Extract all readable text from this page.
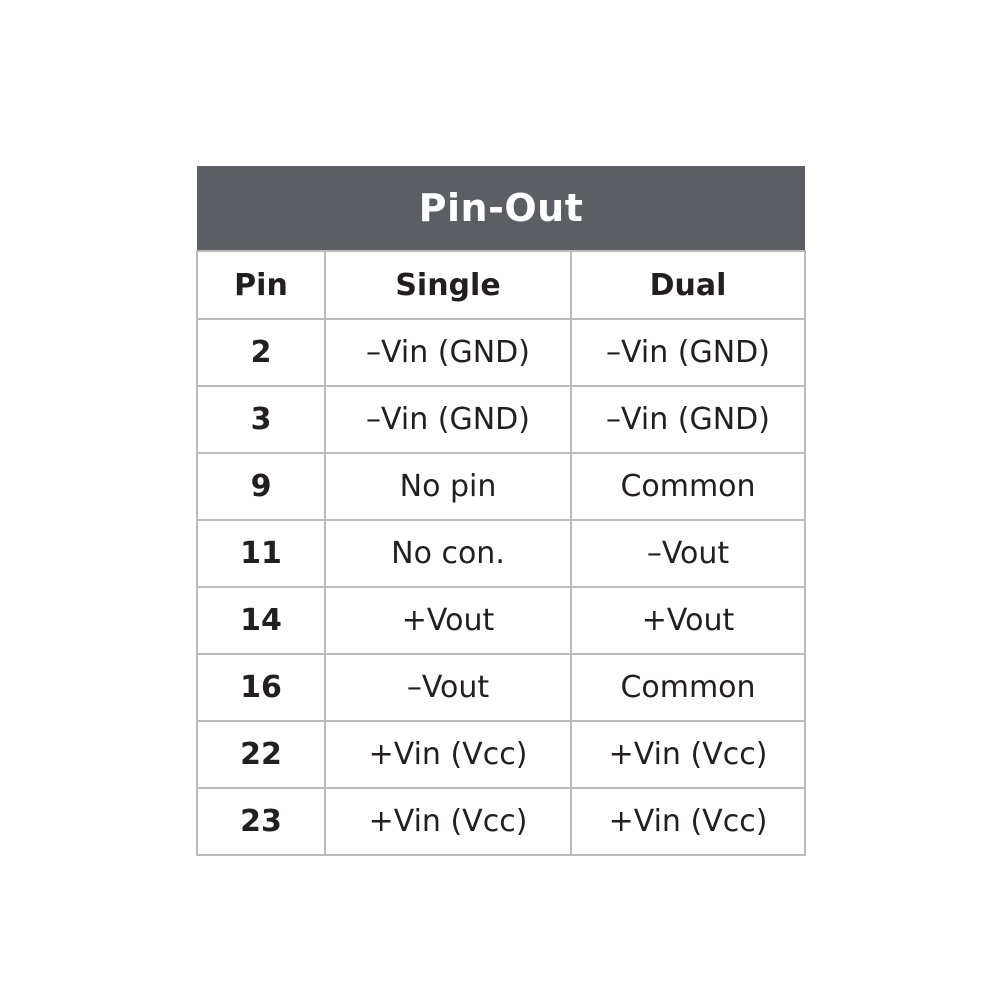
Pin-Out		
Pin	Single	Dual
2	–Vin (GND)	–Vin (GND)
3	–Vin (GND)	–Vin (GND)
9	No pin	Common
11	No con.	–Vout
14	+Vout	+Vout
16	–Vout	Common
22	+Vin (Vcc)	+Vin (Vcc)
23	+Vin (Vcc)	+Vin (Vcc)
